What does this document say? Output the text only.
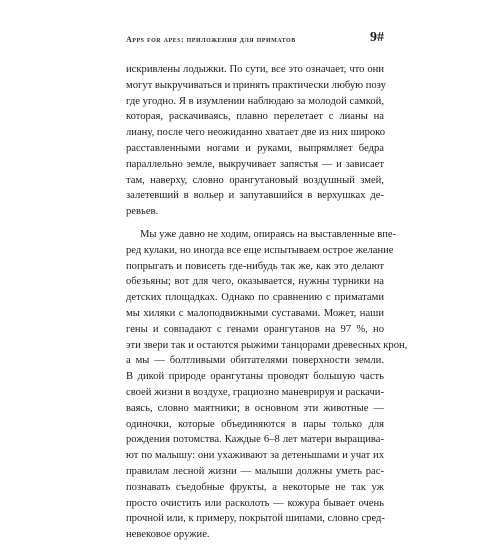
Apps for apes: приложения для приматов	9#
искривлены лодыжки. По сути, все это означает, что они
могут выкручиваться и принять практически любую позу
где угодно. Я в изумлении наблюдаю за молодой самкой,
которая, раскачиваясь, плавно перелетает с лианы на
лиану, после чего неожиданно хватает две из них широко
расставленными ногами и руками, выпрямляет бедра
параллельно земле, выкручивает запястья — и зависает
там, наверху, словно орангутановый воздушный змей,
залетевший в вольер и запутавшийся в верхушках де-
ревьев.
Мы уже давно не ходим, опираясь на выставленные впе-
ред кулаки, но иногда все еще испытываем острое желание
попрыгать и повисеть где-нибудь так же, как это делают
обезьяны; вот для чего, оказывается, нужны турники на
детских площадках. Однако по сравнению с приматами
мы хиляки с малоподвижными суставами. Может, наши
гены и совпадают с генами орангутанов на 97 %, но
эти звери так и остаются рыжими танцорами древесных крон,
а мы — болтливыми обитателями поверхности земли.
В дикой природе орангутаны проводят большую часть
своей жизни в воздухе, грациозно маневрируя и раскачи-
ваясь, словно маятники; в основном эти животные —
одиночки, которые объединяются в пары только для
рождения потомства. Каждые 6–8 лет матери выращива-
ют по малышу: они ухаживают за детенышами и учат их
правилам лесной жизни — малыши должны уметь рас-
познавать съедобные фрукты, а некоторые не так уж
просто очистить или расколоть — кожура бывает очень
прочной или, к примеру, покрытой шипами, словно сред-
невековое оружие.
